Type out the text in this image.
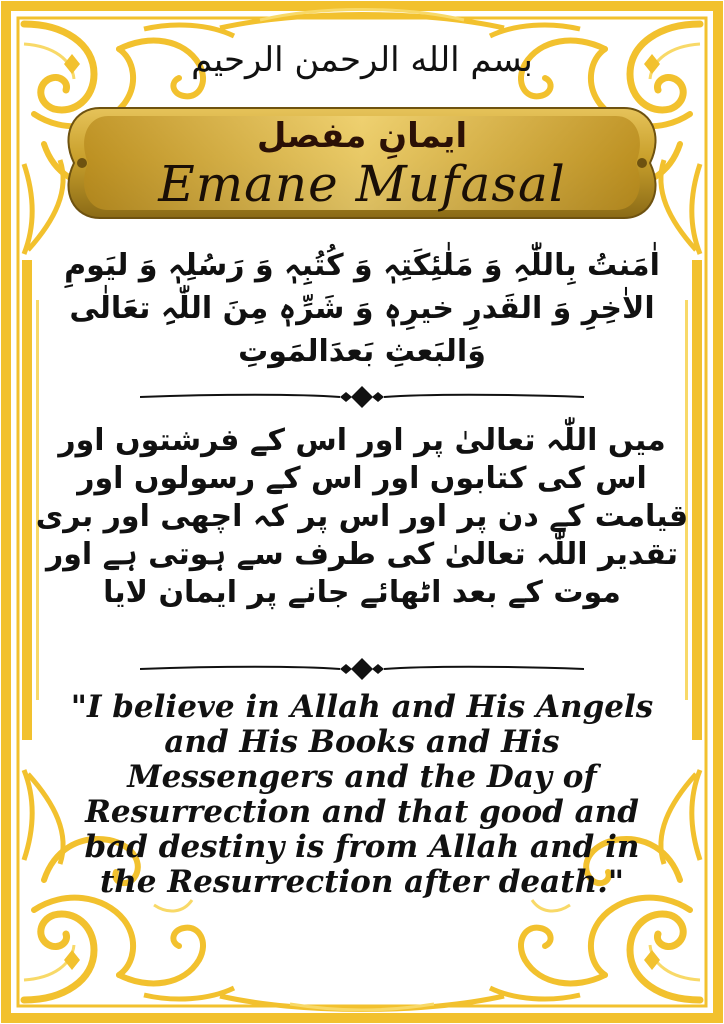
بسم الله الرحمن الرحيم
ایمانِ مفصل
Emane Mufasal
اٰمَنتُ بِاللّٰہِ وَ مَلٰئِکَتِہٖ وَ کُتُبِہٖ وَ رَسُلِہٖ وَ لیَومِ الاٰخِرِ وَ القَدرِ خیرِہٖ وَ شَرِّہٖ مِنَ اللّٰہِ تعَالٰی وَالبَعثِ بَعدَالمَوتِ
میں اللّٰہ تعالیٰ پر اور اس کے فرشتوں اور اس کی کتابوں اور اس کے رسولوں اور قیامت کے دن پر اور اس پر کہ اچھی اور بری تقدیر اللّٰہ تعالیٰ کی طرف سے ہوتی ہے اور موت کے بعد اٹھائے جانے پر ایمان لایا
"I believe in Allah and His Angels and His Books and His Messengers and the Day of Resurrection and that good and bad destiny is from Allah and in the Resurrection after death."
